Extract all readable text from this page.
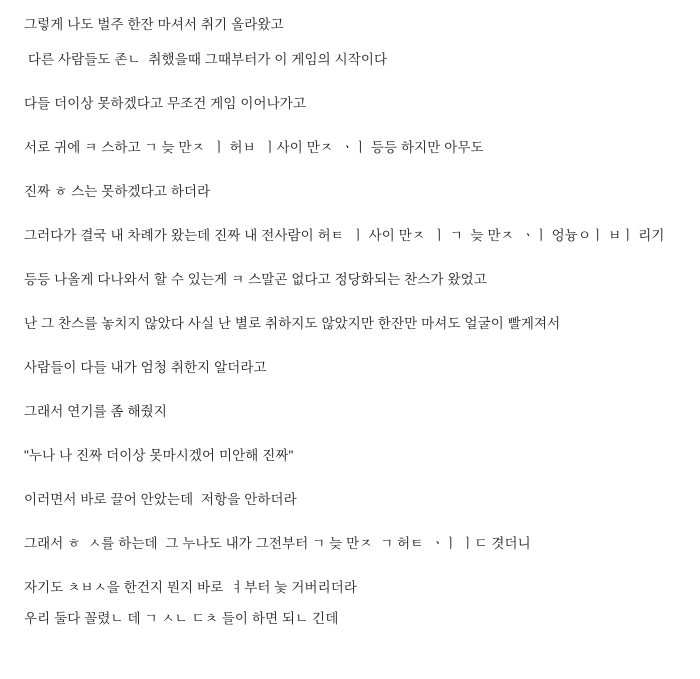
그렇게 나도 벌주 한잔 마셔서 취기 올라왔고

다른 사람들도 존ㄴ  취했을때 그때부터가 이 게임의 시작이다

다들 더이상 못하겠다고 무조건 게임 이어나가고

서로 귀에 ㅋ 스하고 ㄱ 늦 만ㅈ  ㅣ 허ㅂ  ㅣ사이 만ㅈ  ㆍㅣ 등등 하지만 아무도

진짜 ㅎ 스는 못하겠다고 하더라

그러다가 결국 내 차례가 왔는데 진짜 내 전사람이 허ㅌ  ㅣ 사이 만ㅈ  ㅣ ㄱ  늦 만ㅈ  ㆍㅣ 엉늉ㅇㅣ ㅂㅣ 리기

등등 나올게 다나와서 할 수 있는게 ㅋ 스말곤 없다고 정당화되는 찬스가 왔었고

난 그 찬스를 놓치지 않았다 사실 난 별로 취하지도 않았지만 한잔만 마셔도 얼굴이 빨게져서

사람들이 다들 내가 엄청 취한지 알더라고

그래서 연기를 좀 해줬지

"누나 나 진짜 더이상 못마시겠어 미안해 진짜"

이러면서 바로 끌어 안았는데  저항을 안하더라

그래서 ㅎ  ㅅ를 하는데  그 누나도 내가 그전부터 ㄱ 늦 만ㅈ  ㄱ 허ㅌ  ㆍㅣ ㅣㄷ 겻더니

자기도 ㅊㅂㅅ을 한건지 뭔지 바로  ㅕ부터 늧 거버리더라

우리 둘다 꼴렸ㄴ 데 ㄱ ㅅㄴ ㄷㅊ 들이 하면 되ㄴ 긴데
